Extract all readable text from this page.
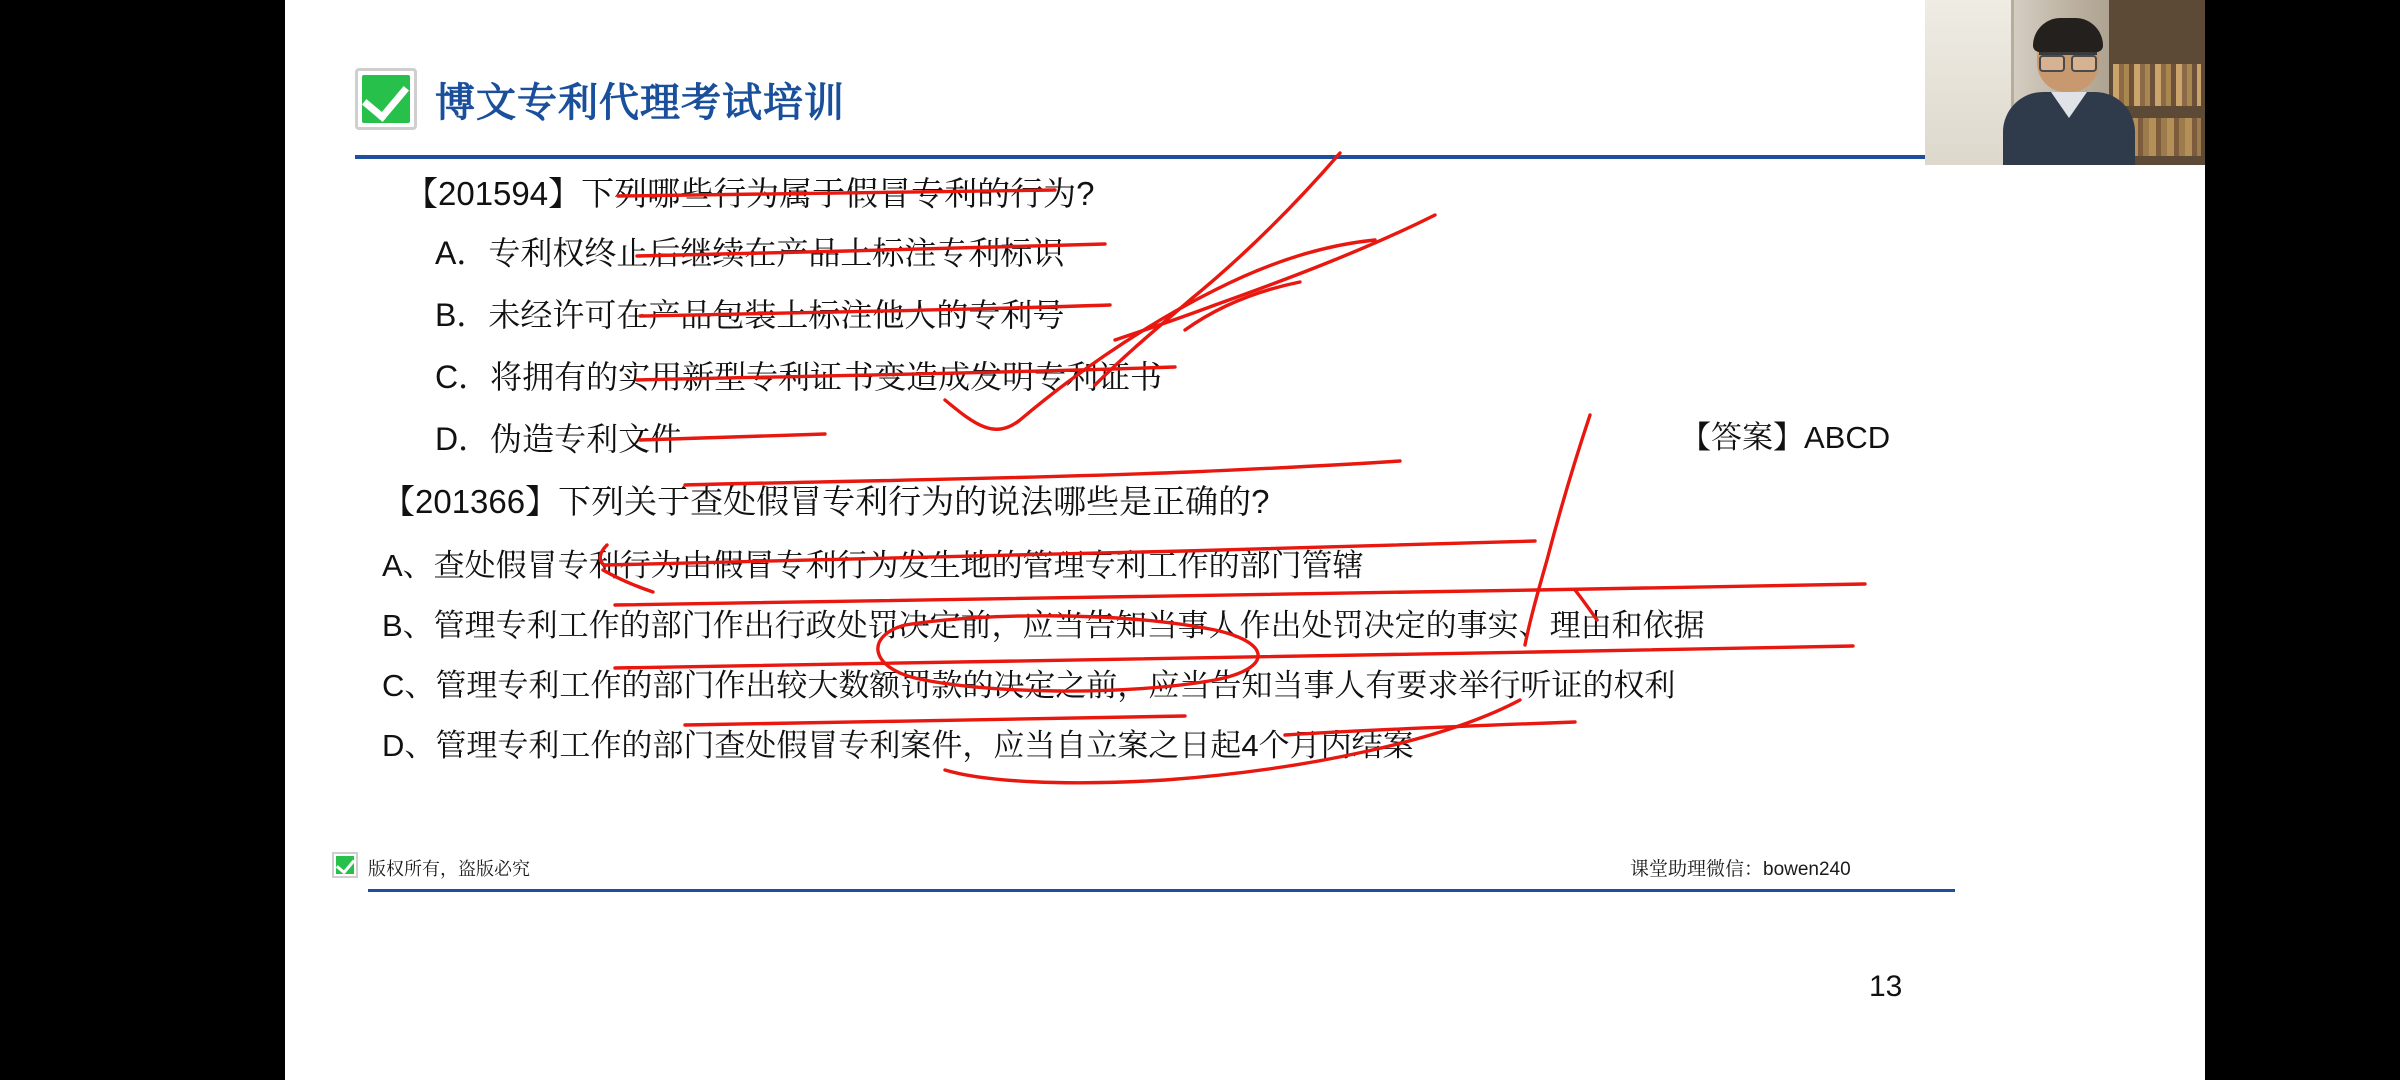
博文专利代理考试培训
【201594】下列哪些行为属于假冒专利的行为?
A．专利权终止后继续在产品上标注专利标识
B．未经许可在产品包装上标注他人的专利号
C．将拥有的实用新型专利证书变造成发明专利证书
D．伪造专利文件	【答案】ABCD
【201366】下列关于查处假冒专利行为的说法哪些是正确的?
A、查处假冒专利行为由假冒专利行为发生地的管理专利工作的部门管辖
B、管理专利工作的部门作出行政处罚决定前，应当告知当事人作出处罚决定的事实、理由和依据
C、管理专利工作的部门作出较大数额罚款的决定之前，应当告知当事人有要求举行听证的权利
D、管理专利工作的部门查处假冒专利案件，应当自立案之日起4个月内结案
版权所有，盗版必究	课堂助理微信：bowen240
13
